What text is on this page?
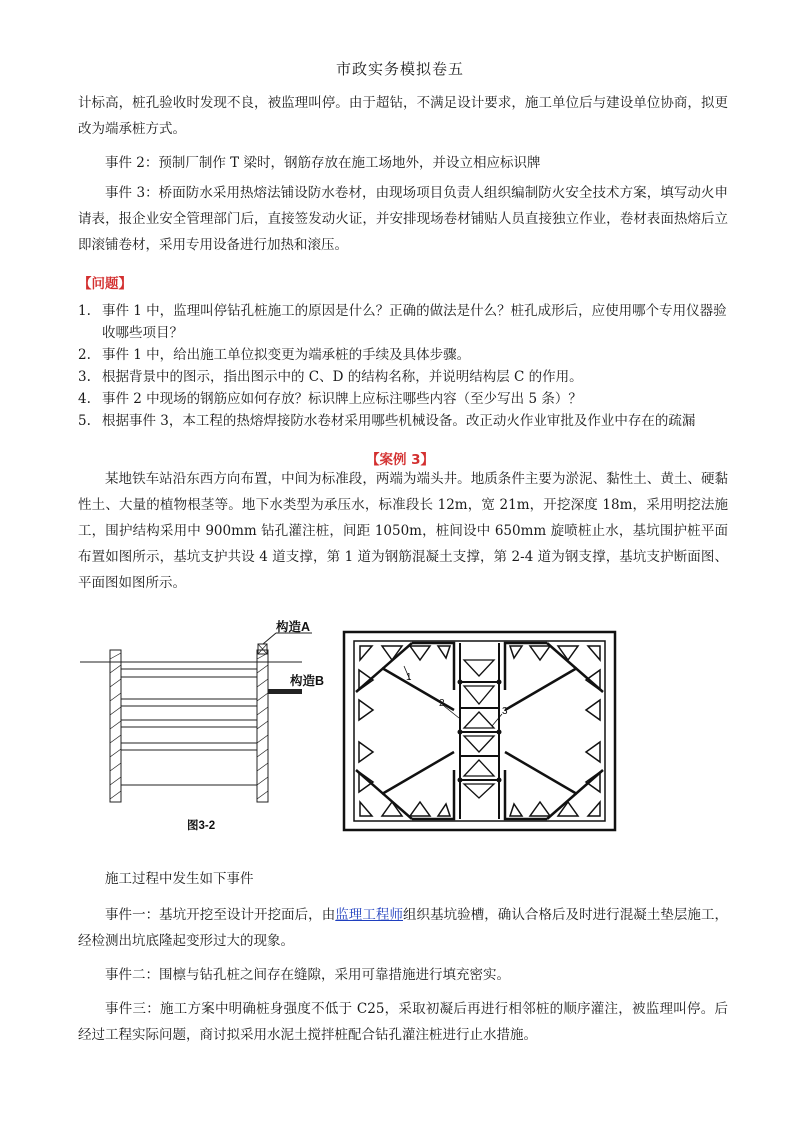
市政实务模拟卷五
计标高，桩孔验收时发现不良，被监理叫停。由于超钻，不满足设计要求，施工单位后与建设单位协商，拟更改为端承桩方式。
事件 2：预制厂制作 T 梁时，钢筋存放在施工场地外，并设立相应标识牌
事件 3：桥面防水采用热熔法铺设防水卷材，由现场项目负责人组织编制防火安全技术方案，填写动火申请表，报企业安全管理部门后，直接签发动火证，并安排现场卷材铺贴人员直接独立作业，卷材表面热熔后立即滚铺卷材，采用专用设备进行加热和滚压。
【问题】
1. 事件 1 中，监理叫停钻孔桩施工的原因是什么？正确的做法是什么？桩孔成形后，应使用哪个专用仪器验收哪些项目？
2. 事件 1 中，给出施工单位拟变更为端承桩的手续及具体步骤。
3. 根据背景中的图示，指出图示中的 C、D 的结构名称，并说明结构层 C 的作用。
4. 事件 2 中现场的钢筋应如何存放？标识牌上应标注哪些内容（至少写出 5 条）？
5. 根据事件 3，本工程的热熔焊接防水卷材采用哪些机械设备。改正动火作业审批及作业中存在的疏漏
【案例 3】
某地铁车站沿东西方向布置，中间为标准段，两端为端头井。地质条件主要为淤泥、黏性土、黄土、硬黏性土、大量的植物根茎等。地下水类型为承压水，标准段长 12m，宽 21m，开挖深度 18m，采用明挖法施工，围护结构采用中 900mm 钻孔灌注桩，间距 1050m，桩间设中 650mm 旋喷桩止水，基坑围护桩平面布置如图所示，基坑支护共设 4 道支撑，第 1 道为钢筋混凝土支撑，第 2-4 道为钢支撑，基坑支护断面图、平面图如图所示。
构造A
构造B
图3-2
1
2
3
施工过程中发生如下事件
事件一：基坑开挖至设计开挖面后，由监理工程师组织基坑验槽，确认合格后及时进行混凝土垫层施工，经检测出坑底隆起变形过大的现象。
事件二：围檩与钻孔桩之间存在缝隙，采用可靠措施进行填充密实。
事件三：施工方案中明确桩身强度不低于 C25，采取初凝后再进行相邻桩的顺序灌注，被监理叫停。后经过工程实际问题，商讨拟采用水泥土搅拌桩配合钻孔灌注桩进行止水措施。
